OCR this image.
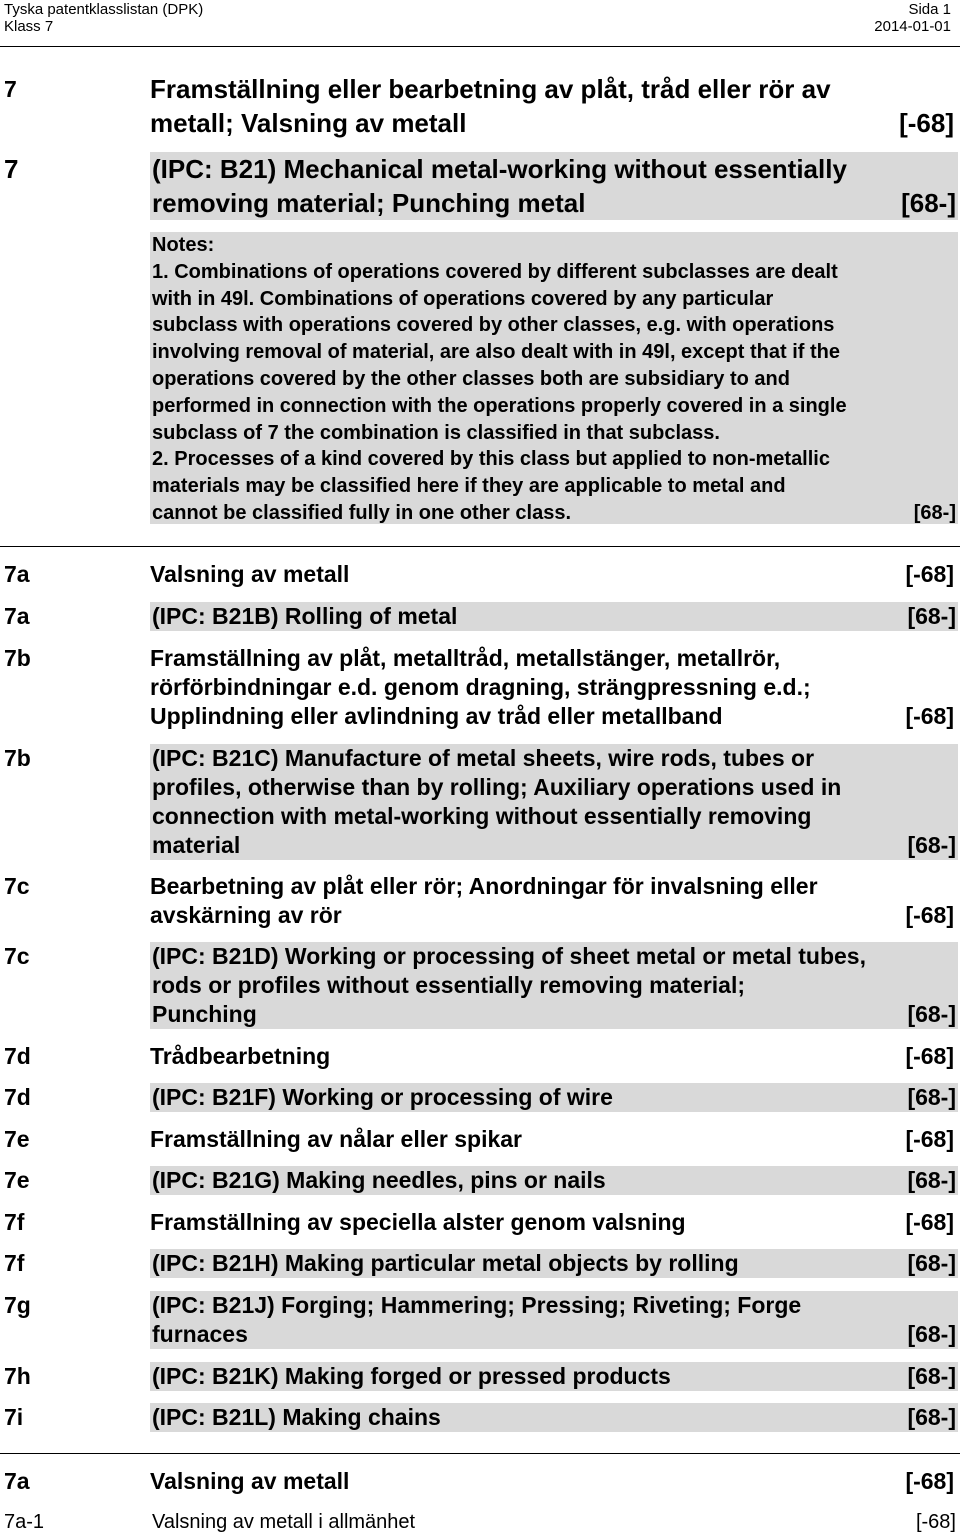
Tyska patentklasslistan (DPK)
Klass 7
Sida 1
2014-01-01
7	Framställning eller bearbetning av plåt, tråd eller rör av
metall; Valsning av metall	[-68]
7	(IPC: B21) Mechanical metal-working without essentially
removing material; Punching metal	[68-]
Notes:
1. Combinations of operations covered by different subclasses are dealt
with in 49l. Combinations of operations covered by any particular
subclass with operations covered by other classes, e.g. with operations
involving removal of material, are also dealt with in 49l, except that if the
operations covered by the other classes both are subsidiary to and
performed in connection with the operations properly covered in a single
subclass of 7 the combination is classified in that subclass.
2. Processes of a kind covered by this class but applied to non-metallic
materials may be classified here if they are applicable to metal and
cannot be classified fully in one other class.	[68-]
7a	Valsning av metall	[-68]
7a	(IPC: B21B) Rolling of metal	[68-]
7b	Framställning av plåt, metalltråd, metallstänger, metallrör,
rörförbindningar e.d. genom dragning, strängpressning e.d.;
Upplindning eller avlindning av tråd eller metallband	[-68]
7b	(IPC: B21C) Manufacture of metal sheets, wire rods, tubes or
profiles, otherwise than by rolling; Auxiliary operations used in
connection with metal-working without essentially removing
material	[68-]
7c	Bearbetning av plåt eller rör; Anordningar för invalsning eller
avskärning av rör	[-68]
7c	(IPC: B21D) Working or processing of sheet metal or metal tubes,
rods or profiles without essentially removing material;
Punching	[68-]
7d	Trådbearbetning	[-68]
7d	(IPC: B21F) Working or processing of wire	[68-]
7e	Framställning av nålar eller spikar	[-68]
7e	(IPC: B21G) Making needles, pins or nails	[68-]
7f	Framställning av speciella alster genom valsning	[-68]
7f	(IPC: B21H) Making particular metal objects by rolling	[68-]
7g	(IPC: B21J) Forging; Hammering; Pressing; Riveting; Forge
furnaces	[68-]
7h	(IPC: B21K) Making forged or pressed products	[68-]
7i	(IPC: B21L) Making chains	[68-]
7a	Valsning av metall	[-68]
7a-1	Valsning av metall i allmänhet	[-68]
